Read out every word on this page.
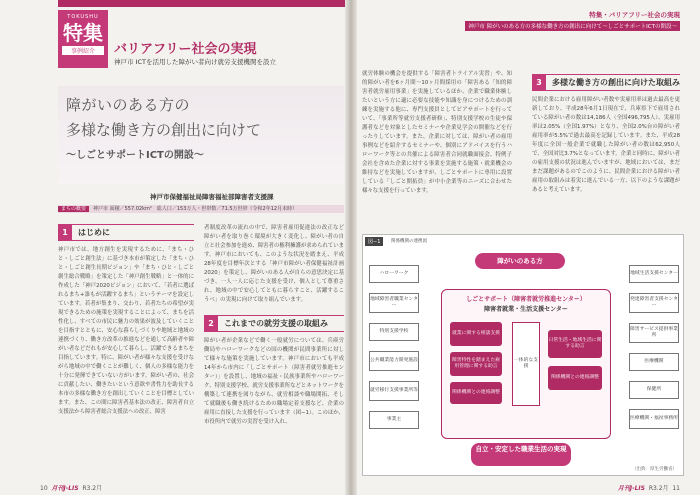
TOKUSHU
特集
事例紹介	バリアフリー社会の実現
神戸市 ICTを活用した障がい者向け就労支援機関を設立
障がいのある方の
多様な働き方の創出に向けて
〜しごとサポートICTの開設〜
神戸市保健福祉局障害福祉部障害者支援課
まちの概要 神戸市 面積／557.02km²　総人口／153万人・世帯数／71.5万世帯（令和2年12月末時）
1 はじめに
神戸市では、地方創生を実現するために、「まち・ひと・しごと創生法」に基づき本市が策定した「まち・ひと・しごと創生長期ビジョン」や「まち・ひと・しごと創生総合戦略」を策定した「神戸創生戦略」と一体的に作成した「神戸2020ビジョン」において、「若者に選ばれるまち+誰もが活躍するまち」というテーマを設定しています。若者が集まり、交わり、若者たちの希望が実現できるための施策を実現することによって、まちを活性化し、すべての市民に魅力の効果が波及していくことを目指すとともに、安心な暮らしづくりや地域と地域の連携づくり、働き方改革の推進などを通して高齢者や障がい者などだれもが安心して暮らし、活躍できるまちを目指しています。特に、障がい者が様々な支援を受けながら地域の中で働くことが難しく、個人の多様な能力を十分に発揮できていない方がいます。障がい者の、社会に貢献したい、働きたいという意欲や書性力を助長する本市の多様な働き方を創出していくことを目標としています。また、この間に障害者基本法の改正、障害者自立支援法から障害者総合支援法への改正、障害
者制度改革の流れの中で、障害者雇用促進法の改正など障がい者を取り巻く環境が大きく変化し、障がい者の自立と社会参加を進め、障害者の権利擁護が求められています。神戸市においても、このような状況を踏まえ、平成28年度を目標年次とする「神戸市障がい者保健福祉計画2020」を策定し、障がいのある人が自らの意思決定に基づき、一人一人に応じた支援を受け、個人として尊重され、地域の中で安心してともに暮らすこと、活躍するこうべ」の実現に向けて取り組んでいます。
2 これまでの就労支援の取組み
障がい者が企業などで働く一般就労については、兵庫労働局やハローワークなどの国の機関が民間事業所に対して様々な施策を実施しています。神戸市においても平成14年から市内に「しごとサポート（障害者就労推進センター）」を設置し、地域の福祉・民族事業所やハローワーク、特別支援学校、就労支援事業所などとネットワークを構築して連携を図りながら、就労相談や職場開拓、そして就職後も働き続けるための職場定着支援など、企業の雇用に直接した支援を行っています（図−1）。このほか、市役所内で就労の実習を受け入れ、
10 月刊J-LIS R3.2月
特集・バリアフリー社会の実現
神戸市 障がいのある方の多様な働き方の創出に向けて〜しごとサポートICTの開設〜
就労体験の機会を提供する「障害者トライアル実習」や、知的障がい者を6ヶ月間〜10ヶ月間採用の「障害ある「知的障害者就労雇用事業」を実施しているほか、企業で職業体験したいという方に適に必要な技能や知識を身につけるための訓練を実施する他に、専門支援員としてピアサポートを行っていて、「事業所等就労支援者研修」、特別支援学校の生徒や保護者などを対象としたセミナーや企業見学会の開催などを行ったりしています。また、企業に対しては、障がい者の雇用事例などを紹介するセミナーや、個別にアドバイスを行うハローワーク等との共催による障害者合同就職面接会、特例子会社を含めた企業に対する事業を実施する施策・就業機会の維持などを実施していますが、しごとサポートに専用に設置している「しごと開拓員」が中小企業等のニーズに合わせた様々な支援を行っています。
3 多様な働き方の創出に向けた取組み
民間企業における雇用障がい者数や実雇用率は過去最高を更新しており、平成28年6月1日現在で、兵庫県下で雇用されている障がい者の数は14,186人（全国496,795人）、実雇用率は2.05%（全国1.97%）となり、全国2.0%台の障がい者雇用率が5.5%で過去最高を記録しています。また、平成28年度に全国一般企業で就職した障がい者の数は62,950人で、全国対比3.7%となっています。企業と同時に、障がい者の雇用支援の状況は進んでいますが、地域においては、まだまだ課題があるのでこのように、民間企業における障がい者雇用の取組みは着実に進んでいる一方、以下のような課題があると考えています。
図−1	関係機関の連携図
障がいのある方
ハローワーク
地域障害者職業センター
特別支援学校
公共職業能力開発施設
就労移行支援事業所等
事業主
地域生活支援センター
発達障害者支援センター
障害サービス提供事業所
医療機関
保健所
医療機関・福祉事務所
しごとサポート（障害者就労推進センター）
障害者就業・生活支援センター
就業に関する相談支援
障害特性を踏まえた雇用管理に関する助言
関係機関との連絡調整
一体的な支援
日常生活・地域生活に関する助言
関係機関との連絡調整
自立・安定した職業生活の実現
（出典：厚生労働省）
月刊J-LIS R3.2月 11
